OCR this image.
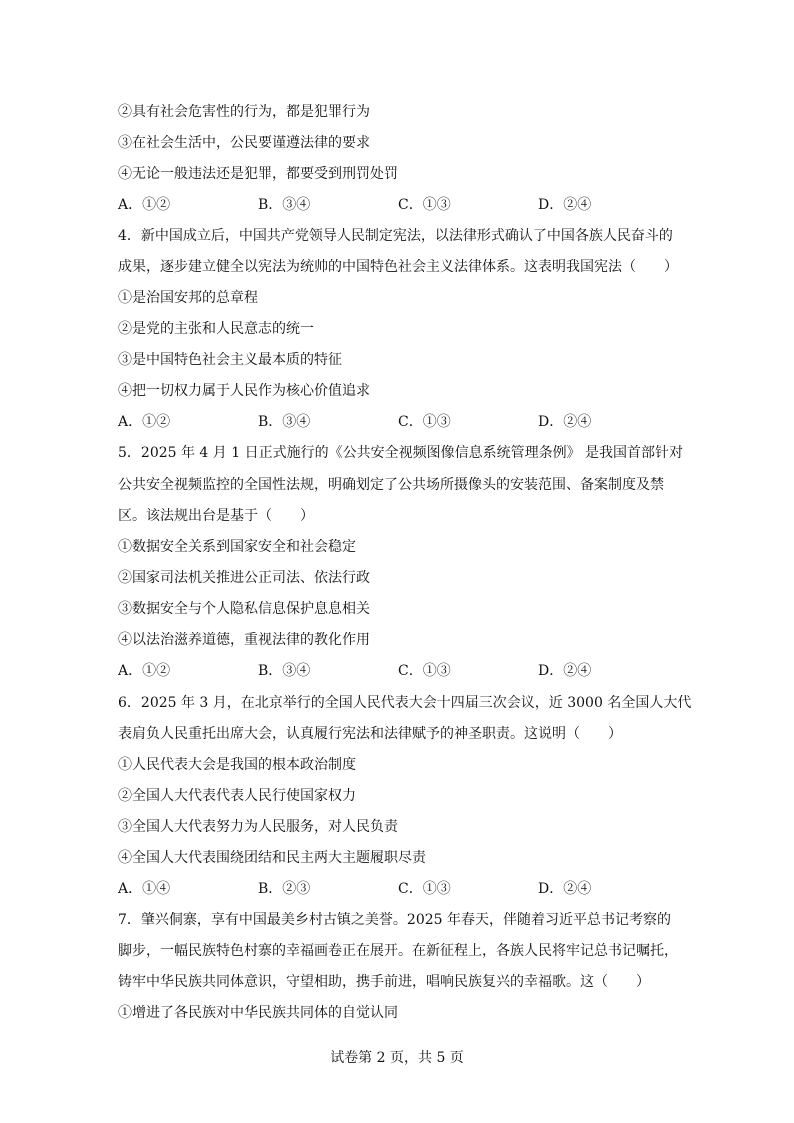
②具有社会危害性的行为，都是犯罪行为
③在社会生活中，公民要谨遵法律的要求
④无论一般违法还是犯罪，都要受到刑罚处罚
A．①②	B．③④	C．①③	D．②④
4．新中国成立后，中国共产党领导人民制定宪法，以法律形式确认了中国各族人民奋斗的
成果，逐步建立健全以宪法为统帅的中国特色社会主义法律体系。这表明我国宪法（　　）
①是治国安邦的总章程
②是党的主张和人民意志的统一
③是中国特色社会主义最本质的特征
④把一切权力属于人民作为核心价值追求
A．①②	B．③④	C．①③	D．②④
5．2025 年 4 月 1 日正式施行的《公共安全视频图像信息系统管理条例》 是我国首部针对
公共安全视频监控的全国性法规，明确划定了公共场所摄像头的安装范围、备案制度及禁
区。该法规出台是基于（　　）
①数据安全关系到国家安全和社会稳定
②国家司法机关推进公正司法、依法行政
③数据安全与个人隐私信息保护息息相关
④以法治滋养道德，重视法律的教化作用
A．①②	B．③④	C．①③	D．②④
6．2025 年 3 月，在北京举行的全国人民代表大会十四届三次会议，近 3000 名全国人大代
表肩负人民重托出席大会，认真履行宪法和法律赋予的神圣职责。这说明（　　）
①人民代表大会是我国的根本政治制度
②全国人大代表代表人民行使国家权力
③全国人大代表努力为人民服务，对人民负责
④全国人大代表围绕团结和民主两大主题履职尽责
A．①④	B．②③	C．①③	D．②④
7．肇兴侗寨，享有中国最美乡村古镇之美誉。2025 年春天，伴随着习近平总书记考察的
脚步，一幅民族特色村寨的幸福画卷正在展开。在新征程上，各族人民将牢记总书记嘱托，
铸牢中华民族共同体意识，守望相助，携手前进，唱响民族复兴的幸福歌。这（　　）
①增进了各民族对中华民族共同体的自觉认同
试卷第 2 页，共 5 页
